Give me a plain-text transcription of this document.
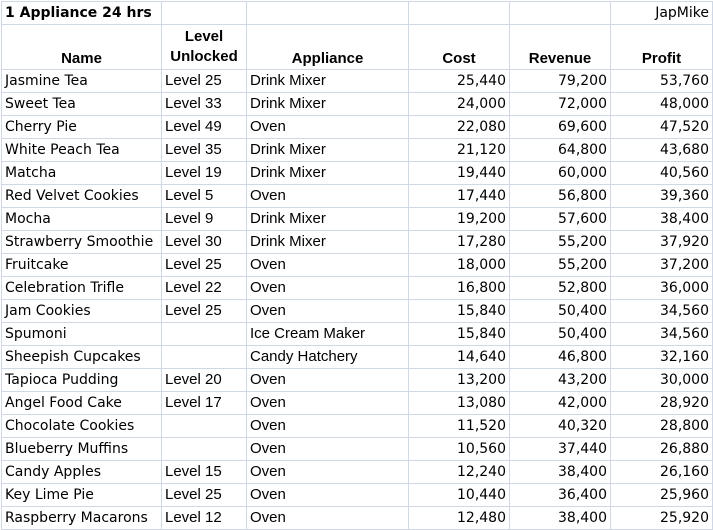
1 Appliance 24 hrs					JapMike
Name	Level Unlocked	Appliance	Cost	Revenue	Profit
Jasmine Tea	Level 25	Drink Mixer	25,440	79,200	53,760
Sweet Tea	Level 33	Drink Mixer	24,000	72,000	48,000
Cherry Pie	Level 49	Oven	22,080	69,600	47,520
White Peach Tea	Level 35	Drink Mixer	21,120	64,800	43,680
Matcha	Level 19	Drink Mixer	19,440	60,000	40,560
Red Velvet Cookies	Level 5	Oven	17,440	56,800	39,360
Mocha	Level 9	Drink Mixer	19,200	57,600	38,400
Strawberry Smoothie	Level 30	Drink Mixer	17,280	55,200	37,920
Fruitcake	Level 25	Oven	18,000	55,200	37,200
Celebration Trifle	Level 22	Oven	16,800	52,800	36,000
Jam Cookies	Level 25	Oven	15,840	50,400	34,560
Spumoni		Ice Cream Maker	15,840	50,400	34,560
Sheepish Cupcakes		Candy Hatchery	14,640	46,800	32,160
Tapioca Pudding	Level 20	Oven	13,200	43,200	30,000
Angel Food Cake	Level 17	Oven	13,080	42,000	28,920
Chocolate Cookies		Oven	11,520	40,320	28,800
Blueberry Muffins		Oven	10,560	37,440	26,880
Candy Apples	Level 15	Oven	12,240	38,400	26,160
Key Lime Pie	Level 25	Oven	10,440	36,400	25,960
Raspberry Macarons	Level 12	Oven	12,480	38,400	25,920
